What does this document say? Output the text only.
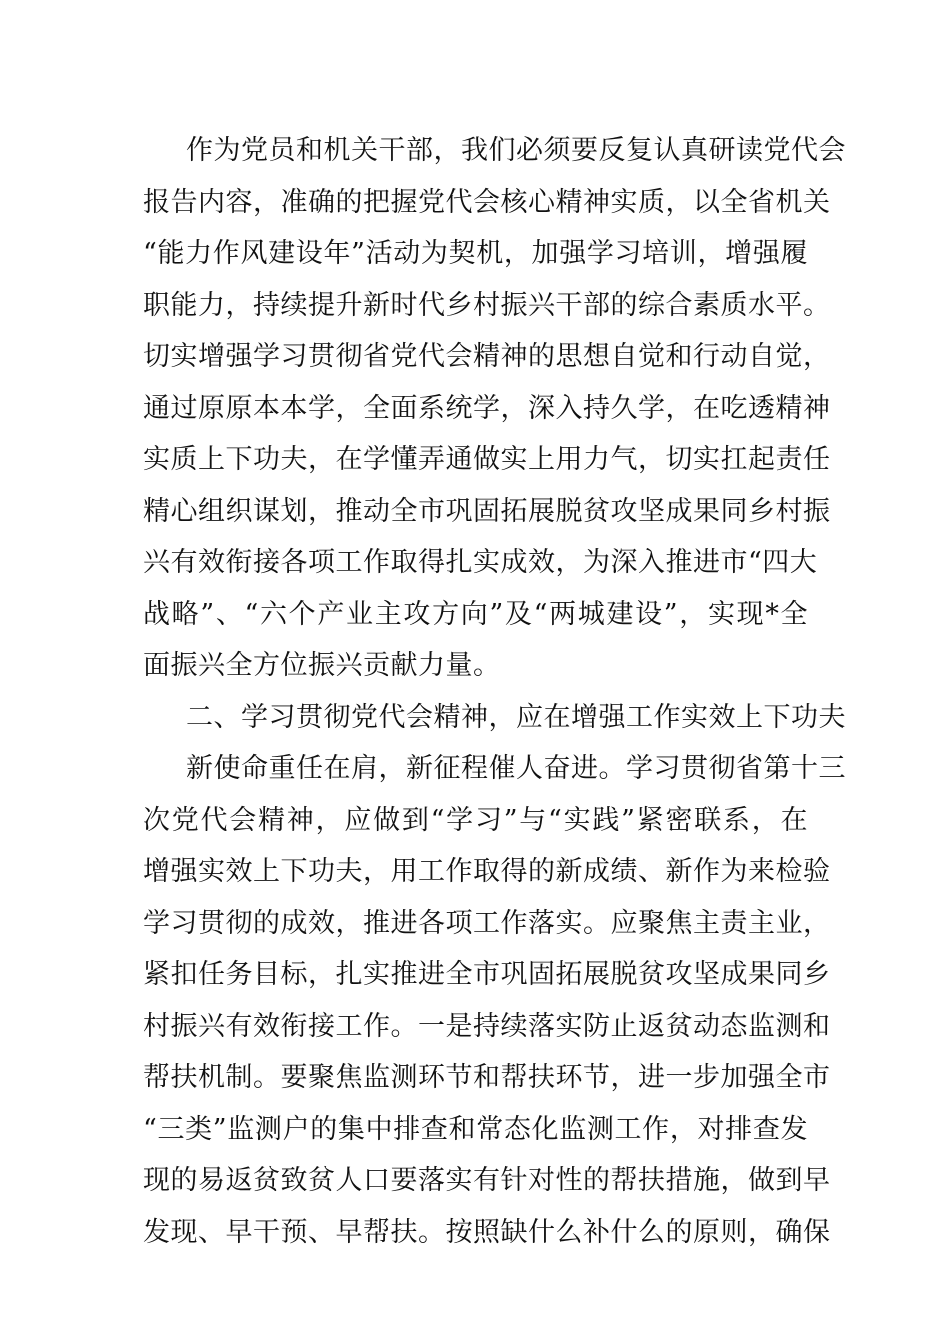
作为党员和机关干部，我们必须要反复认真研读党代会
报告内容，准确的把握党代会核心精神实质，以全省机关
“能力作风建设年”活动为契机，加强学习培训，增强履
职能力，持续提升新时代乡村振兴干部的综合素质水平。
切实增强学习贯彻省党代会精神的思想自觉和行动自觉，
通过原原本本学，全面系统学，深入持久学，在吃透精神
实质上下功夫，在学懂弄通做实上用力气，切实扛起责任
精心组织谋划，推动全市巩固拓展脱贫攻坚成果同乡村振
兴有效衔接各项工作取得扎实成效，为深入推进市“四大
战略”、“六个产业主攻方向”及“两城建设”，实现*全
面振兴全方位振兴贡献力量。
二、学习贯彻党代会精神，应在增强工作实效上下功夫
新使命重任在肩，新征程催人奋进。学习贯彻省第十三
次党代会精神，应做到“学习”与“实践”紧密联系，在
增强实效上下功夫，用工作取得的新成绩、新作为来检验
学习贯彻的成效，推进各项工作落实。应聚焦主责主业，
紧扣任务目标，扎实推进全市巩固拓展脱贫攻坚成果同乡
村振兴有效衔接工作。一是持续落实防止返贫动态监测和
帮扶机制。要聚焦监测环节和帮扶环节，进一步加强全市
“三类”监测户的集中排查和常态化监测工作，对排查发
现的易返贫致贫人口要落实有针对性的帮扶措施，做到早
发现、早干预、早帮扶。按照缺什么补什么的原则，确保
